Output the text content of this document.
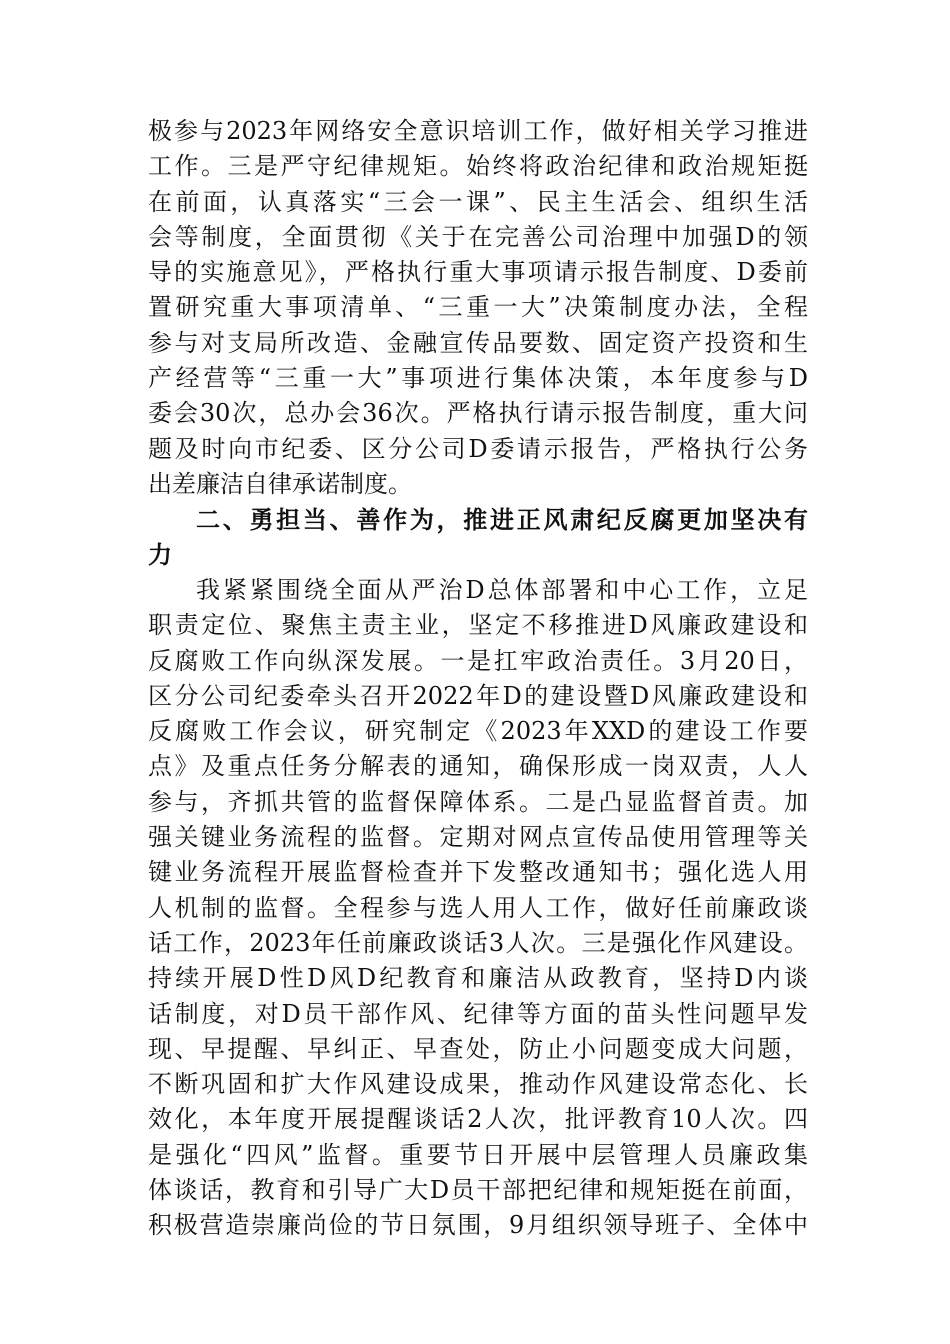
极参与2023年网络安全意识培训工作，做好相关学习推进
工作。三是严守纪律规矩。始终将政治纪律和政治规矩挺
在前面，认真落实“三会一课”、民主生活会、组织生活
会等制度，全面贯彻《关于在完善公司治理中加强D的领
导的实施意见》，严格执行重大事项请示报告制度、D委前
置研究重大事项清单、“三重一大”决策制度办法，全程
参与对支局所改造、金融宣传品要数、固定资产投资和生
产经营等“三重一大”事项进行集体决策，本年度参与D
委会30次，总办会36次。严格执行请示报告制度，重大问
题及时向市纪委、区分公司D委请示报告，严格执行公务
出差廉洁自律承诺制度。
二、勇担当、善作为，推进正风肃纪反腐更加坚决有
力
我紧紧围绕全面从严治D总体部署和中心工作，立足
职责定位、聚焦主责主业，坚定不移推进D风廉政建设和
反腐败工作向纵深发展。一是扛牢政治责任。3月20日，
区分公司纪委牵头召开2022年D的建设暨D风廉政建设和
反腐败工作会议，研究制定《2023年XXD的建设工作要
点》及重点任务分解表的通知，确保形成一岗双责，人人
参与，齐抓共管的监督保障体系。二是凸显监督首责。加
强关键业务流程的监督。定期对网点宣传品使用管理等关
键业务流程开展监督检查并下发整改通知书；强化选人用
人机制的监督。全程参与选人用人工作，做好任前廉政谈
话工作，2023年任前廉政谈话3人次。三是强化作风建设。
持续开展D性D风D纪教育和廉洁从政教育，坚持D内谈
话制度，对D员干部作风、纪律等方面的苗头性问题早发
现、早提醒、早纠正、早查处，防止小问题变成大问题，
不断巩固和扩大作风建设成果，推动作风建设常态化、长
效化，本年度开展提醒谈话2人次，批评教育10人次。四
是强化“四风”监督。重要节日开展中层管理人员廉政集
体谈话，教育和引导广大D员干部把纪律和规矩挺在前面，
积极营造崇廉尚俭的节日氛围，9月组织领导班子、全体中
